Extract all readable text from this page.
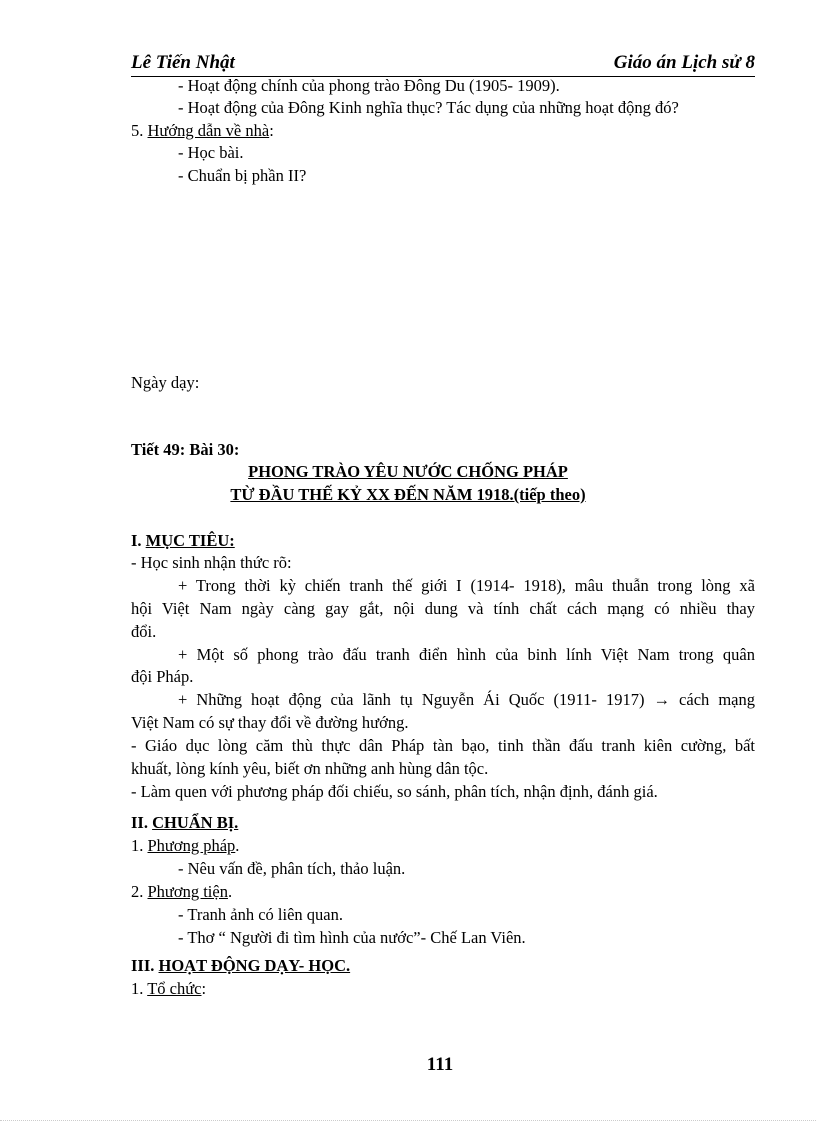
Lê Tiến Nhật	Giáo án Lịch sử 8
- Hoạt động chính của phong trào Đông Du (1905- 1909).
- Hoạt động của Đông Kinh nghĩa thục? Tác dụng của những hoạt động đó?
5. Hướng dẫn về nhà:
- Học bài.
- Chuẩn bị phần II?
Ngày dạy:
Tiết 49: Bài 30:
PHONG TRÀO YÊU NƯỚC CHỐNG PHÁP
TỪ ĐẦU THẾ KỶ XX ĐẾN NĂM 1918.(tiếp theo)
I. MỤC TIÊU:
- Học sinh nhận thức rõ:
+ Trong thời kỳ chiến tranh thế giới I (1914- 1918), mâu thuẫn trong lòng xã
hội Việt Nam ngày càng gay gắt, nội dung và tính chất cách mạng có nhiều thay
đổi.
+ Một số phong trào đấu tranh điển hình của binh lính Việt Nam trong quân
đội Pháp.
+ Những hoạt động của lãnh tụ Nguyễn Ái Quốc (1911- 1917) → cách mạng
Việt Nam có sự thay đổi về đường hướng.
- Giáo dục lòng căm thù thực dân Pháp tàn bạo, tinh thần đấu tranh kiên cường, bất
khuất, lòng kính yêu, biết ơn những anh hùng dân tộc.
- Làm quen với phương pháp đối chiếu, so sánh, phân tích, nhận định, đánh giá.
II. CHUẨN BỊ.
1. Phương pháp.
- Nêu vấn đề, phân tích, thảo luận.
2. Phương tiện.
- Tranh ảnh có liên quan.
- Thơ “ Người đi tìm hình của nước”- Chế Lan Viên.
III. HOẠT ĐỘNG DẠY- HỌC.
1. Tổ chức:
111
